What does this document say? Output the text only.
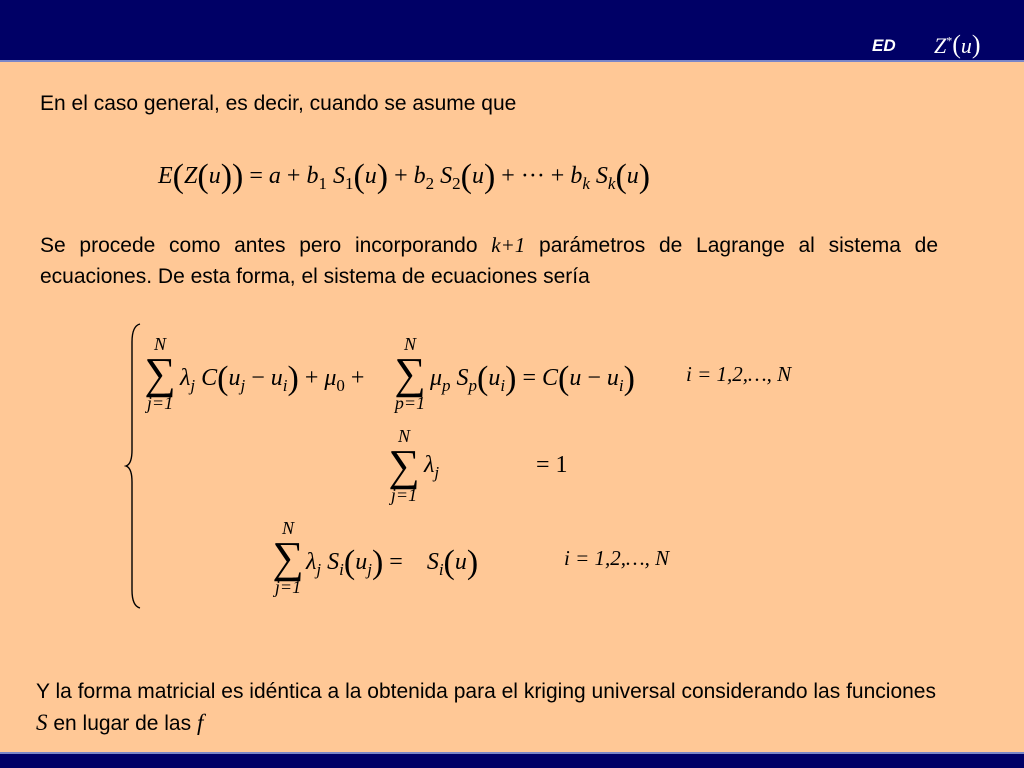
ED Z*(u)
En el caso general, es decir, cuando se asume que
$E(Z(u)) = a + b_1$ $S_1(u) + b_2$ $S_2(u)$ + ··· + $b_k$ $S_k(u)$
Se procede como antes pero incorporando k+1 parámetros de Lagrange al sistema de ecuaciones. De esta forma, el sistema de ecuaciones sería
N
∑
j=1
$\lambda_j$ $C(u_j - u_i) + \mu_0$ +
N
∑
p=1
$\mu_p$ $S_p(u_i) = C(u - u_i) i$ = 1,2,…, N
N
∑
j=1
$\lambda_j$	= 1
N
∑
j=1
$\lambda_j$ $S_i(u_j)$ =    $S_i(u)$	i = 1,2,…, N
Y la forma matricial es idéntica a la obtenida para el kriging universal considerando las funciones S en lugar de las f
